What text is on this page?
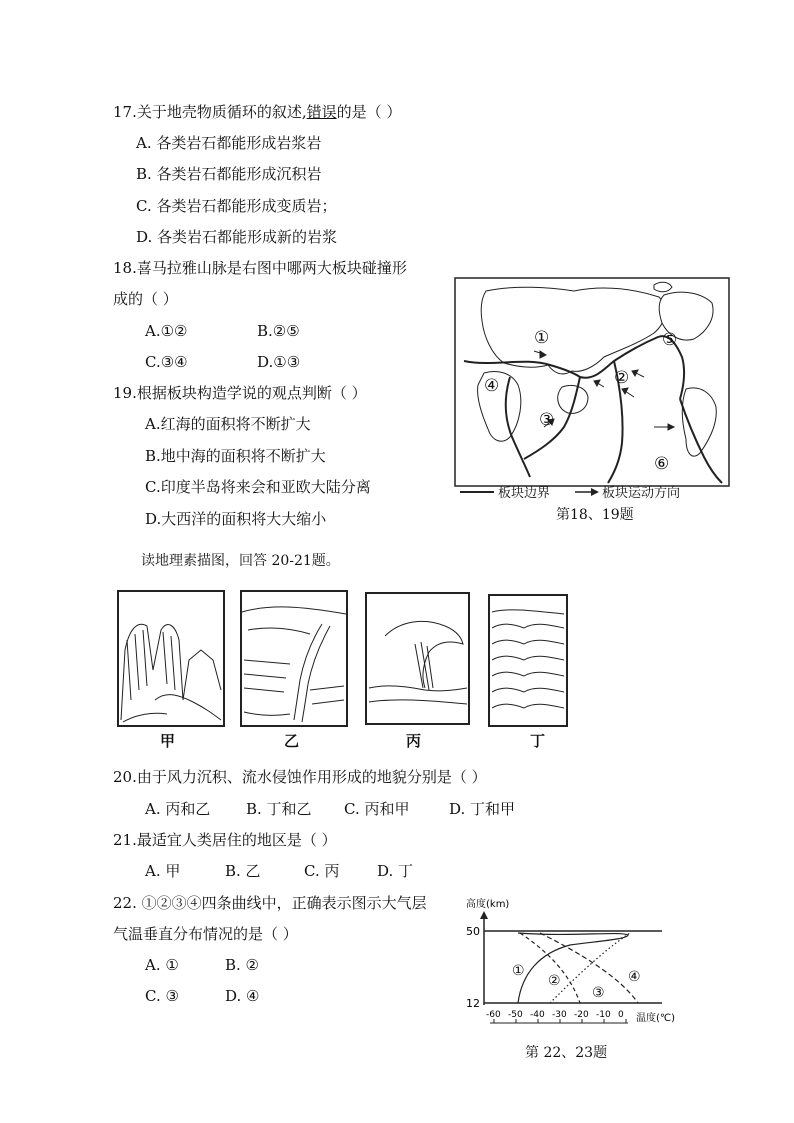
17.关于地壳物质循环的叙述,错误的是（ ）
A. 各类岩石都能形成岩浆岩
B. 各类岩石都能形成沉积岩
C. 各类岩石都能形成变质岩；
D. 各类岩石都能形成新的岩浆
18.喜马拉雅山脉是右图中哪两大板块碰撞形
成的（ ）
A.①②	B.②⑤
C.③④	D.①③
19.根据板块构造学说的观点判断（ ）
A.红海的面积将不断扩大
B.地中海的面积将不断扩大
C.印度半岛将来会和亚欧大陆分离
D.大西洋的面积将大大缩小
①
②
③
④
⑤
⑥
板块边界	板块运动方向
第18、19题
读地理素描图，回答 20-21题。
甲	乙	丙	丁
20.由于风力沉积、流水侵蚀作用形成的地貌分别是（ ）
A. 丙和乙 B. 丁和乙 C. 丙和甲	D. 丁和甲
21.最适宜人类居住的地区是（ ）
A. 甲	B. 乙	C. 丙	D. 丁
22. ①②③④四条曲线中，正确表示图示大气层
气温垂直分布情况的是（ ）
A. ①	B. ②
C. ③	D. ④
高度(km)
50
12
-60 -50 -40 -30 -20 -10 0 温度(℃)
①
②
③
④
第 22、23题
